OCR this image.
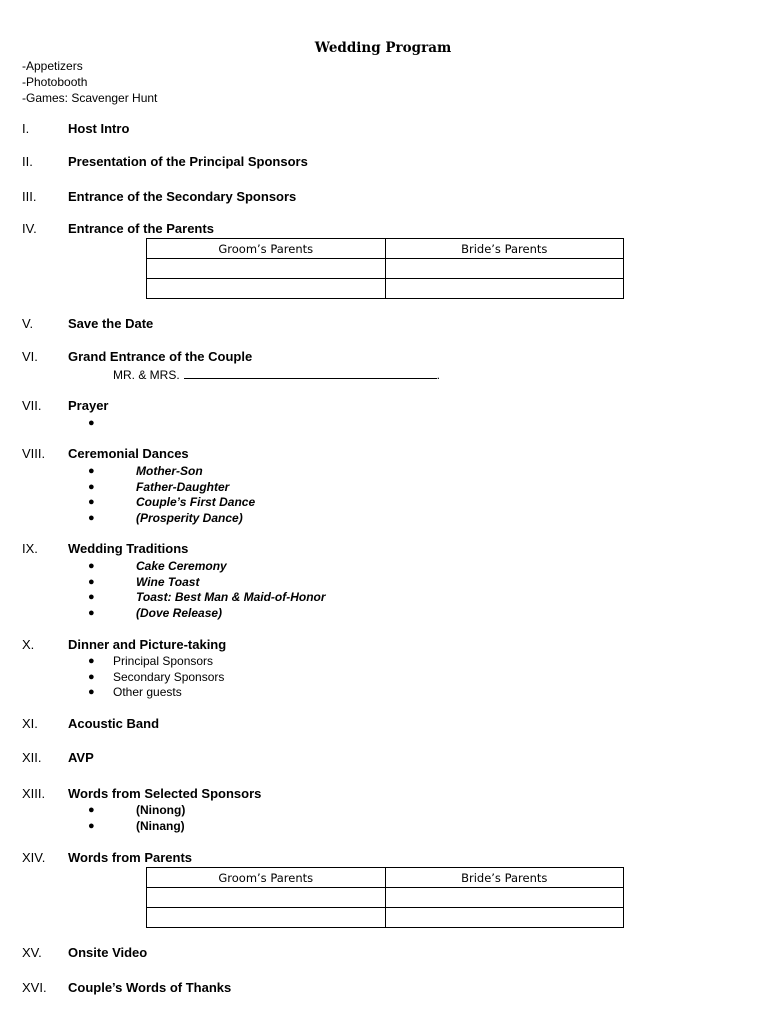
Wedding Program
-Appetizers
-Photobooth
-Games: Scavenger Hunt
I.	Host Intro
II.	Presentation of the Principal Sponsors
III. Entrance of the Secondary Sponsors
IV. Entrance of the Parents
Groom’s Parents	Bride’s Parents

V.	Save the Date
VI. Grand Entrance of the Couple
MR. & MRS.	.
VII. Prayer
●
VIII. Ceremonial Dances
●	Mother-Son
●	Father-Daughter
●	Couple’s First Dance
●	(Prosperity Dance)
IX. Wedding Traditions
●	Cake Ceremony
●	Wine Toast
●	Toast: Best Man & Maid-of-Honor
●	(Dove Release)
X.	Dinner and Picture-taking
● Principal Sponsors
● Secondary Sponsors
● Other guests
XI. Acoustic Band
XII. AVP
XIII. Words from Selected Sponsors
●	(Ninong)
●	(Ninang)
XIV. Words from Parents
Groom’s Parents	Bride’s Parents

XV. Onsite Video
XVI. Couple’s Words of Thanks
